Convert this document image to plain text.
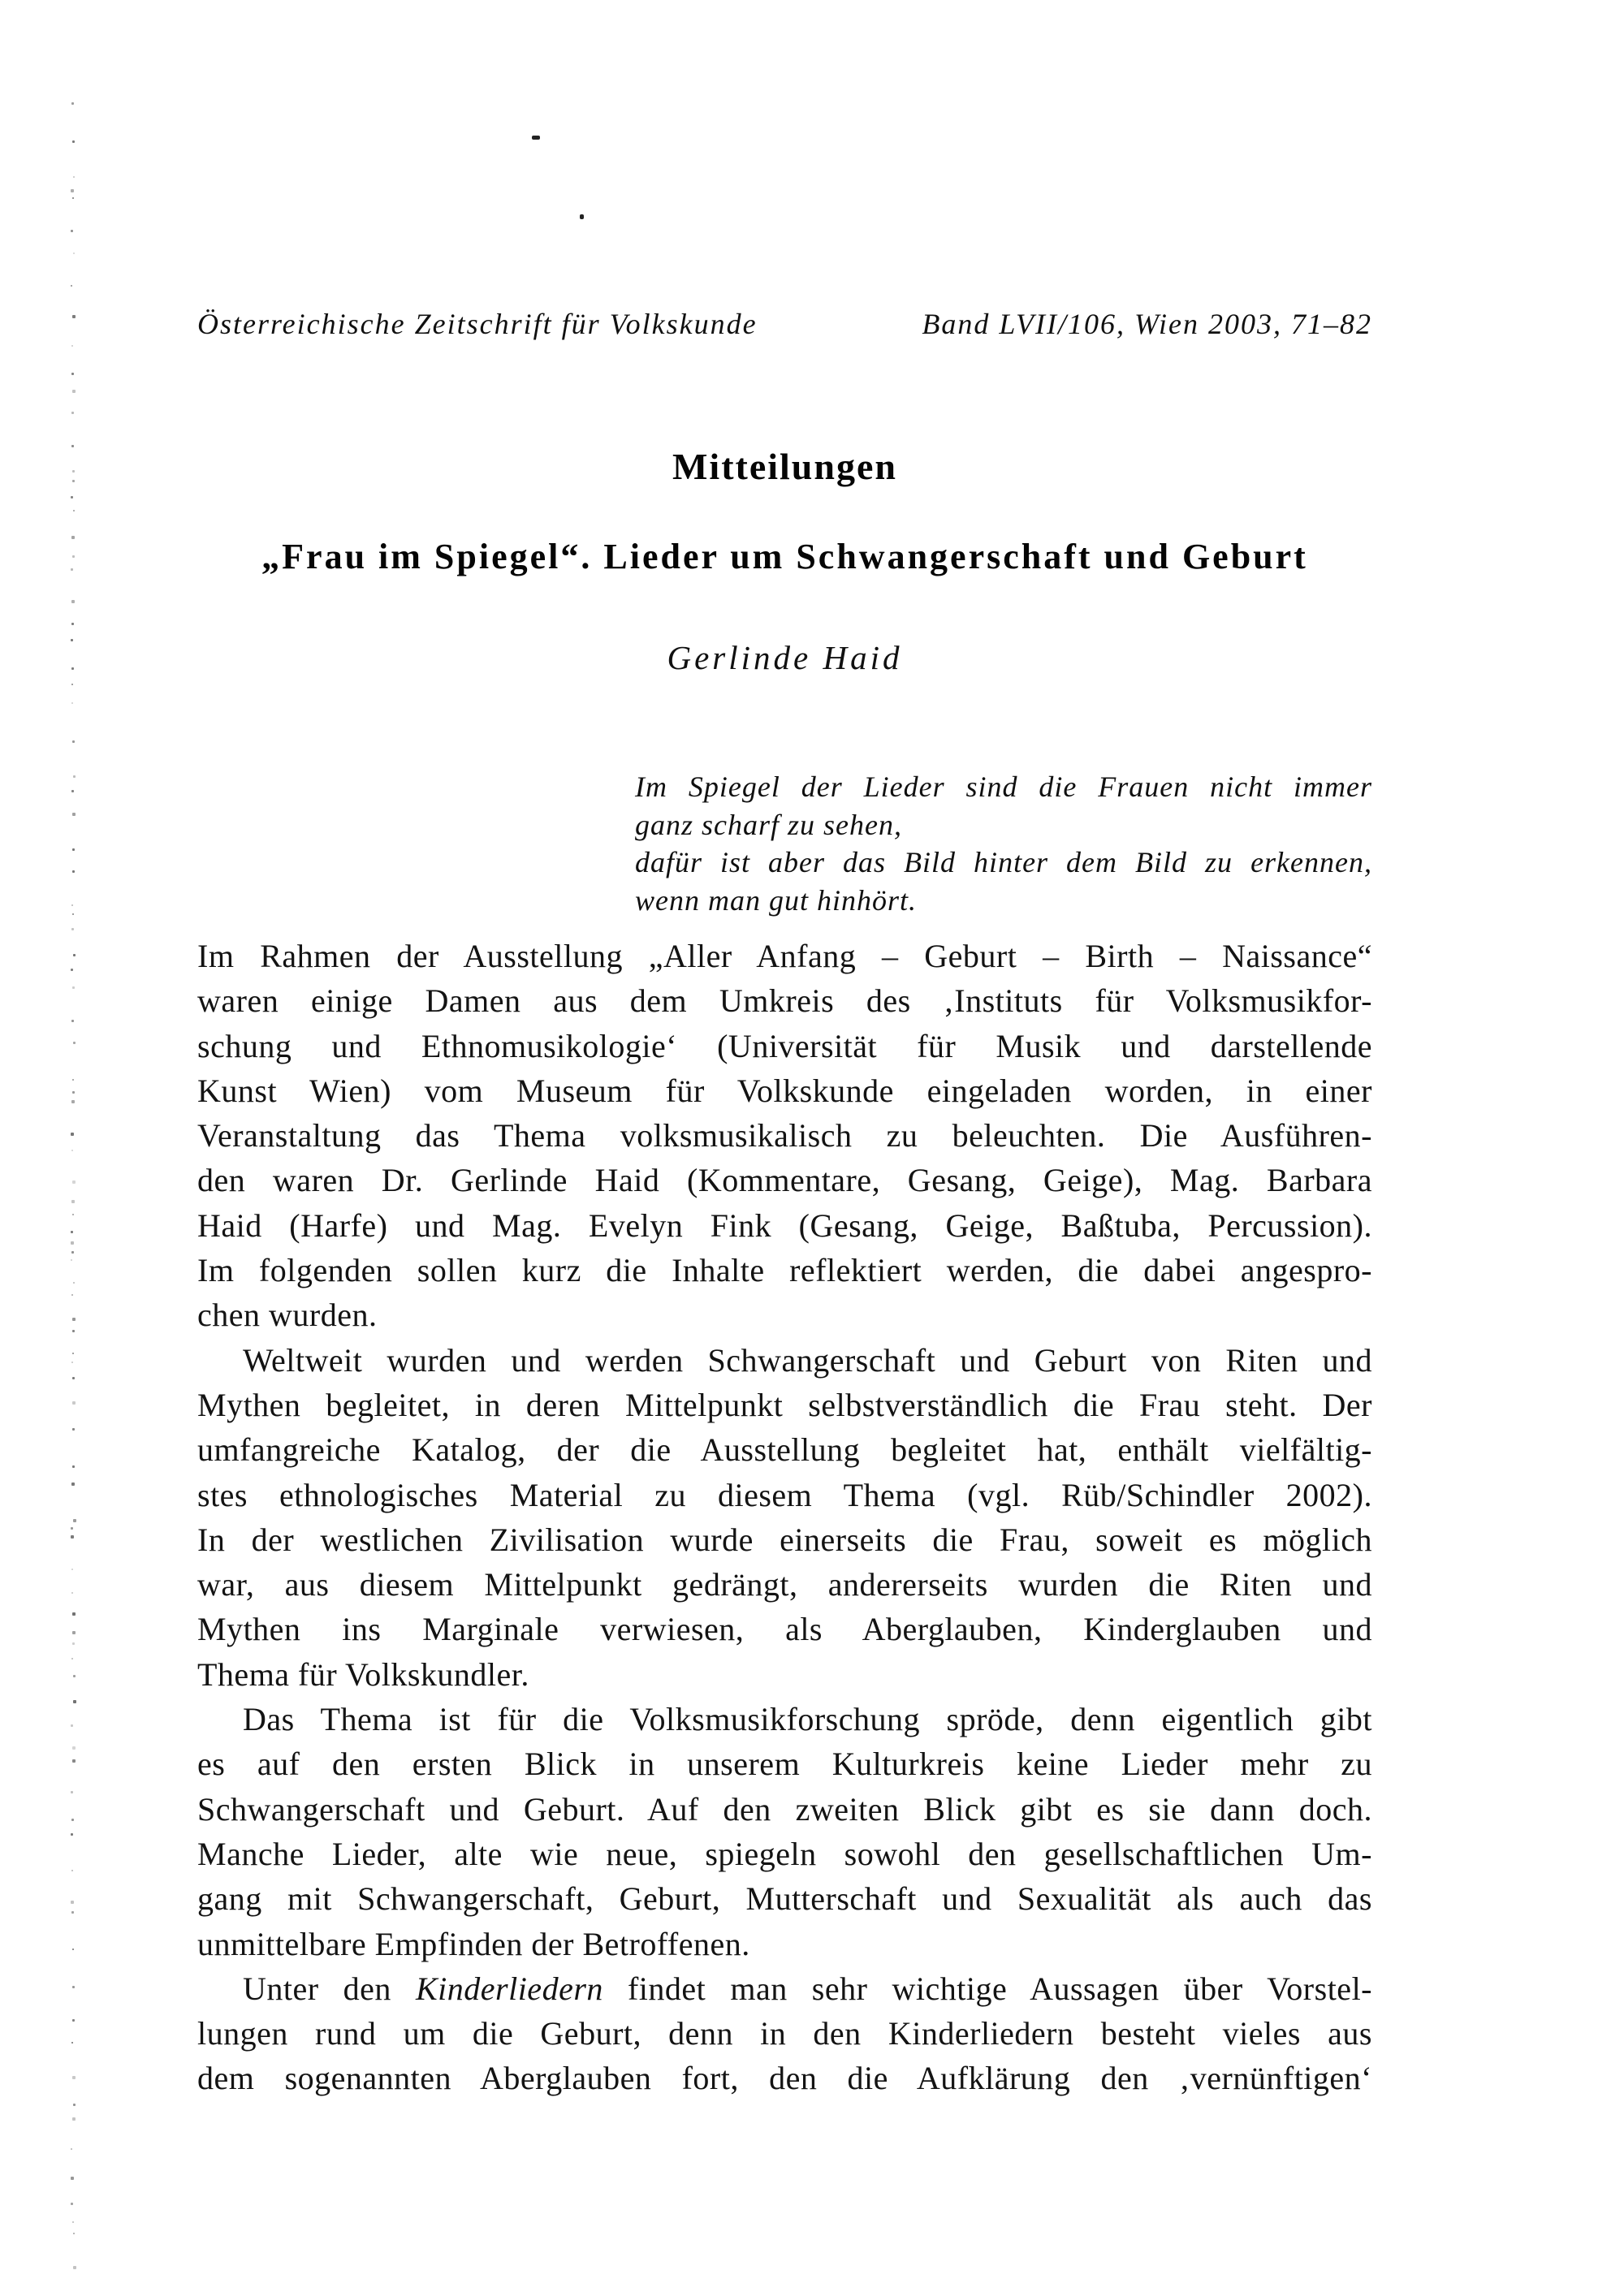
Österreichische Zeitschrift für Volkskunde	Band LVII/106, Wien 2003, 71–82
Mitteilungen
„Frau im Spiegel“. Lieder um Schwangerschaft und Geburt
Gerlinde Haid
Im Spiegel der Lieder sind die Frauen nicht immer
ganz scharf zu sehen,
dafür ist aber das Bild hinter dem Bild zu erkennen,
wenn man gut hinhört.
Im Rahmen der Ausstellung „Aller Anfang – Geburt – Birth – Naissance“
waren einige Damen aus dem Umkreis des ‚Instituts für Volksmusikfor-
schung und Ethnomusikologie‘ (Universität für Musik und darstellende
Kunst Wien) vom Museum für Volkskunde eingeladen worden, in einer
Veranstaltung das Thema volksmusikalisch zu beleuchten. Die Ausführen-
den waren Dr. Gerlinde Haid (Kommentare, Gesang, Geige), Mag. Barbara
Haid (Harfe) und Mag. Evelyn Fink (Gesang, Geige, Baßtuba, Percussion).
Im folgenden sollen kurz die Inhalte reflektiert werden, die dabei angespro-
chen wurden.
Weltweit wurden und werden Schwangerschaft und Geburt von Riten und
Mythen begleitet, in deren Mittelpunkt selbstverständlich die Frau steht. Der
umfangreiche Katalog, der die Ausstellung begleitet hat, enthält vielfältig-
stes ethnologisches Material zu diesem Thema (vgl. Rüb/Schindler 2002).
In der westlichen Zivilisation wurde einerseits die Frau, soweit es möglich
war, aus diesem Mittelpunkt gedrängt, andererseits wurden die Riten und
Mythen ins Marginale verwiesen, als Aberglauben, Kinderglauben und
Thema für Volkskundler.
Das Thema ist für die Volksmusikforschung spröde, denn eigentlich gibt
es auf den ersten Blick in unserem Kulturkreis keine Lieder mehr zu
Schwangerschaft und Geburt. Auf den zweiten Blick gibt es sie dann doch.
Manche Lieder, alte wie neue, spiegeln sowohl den gesellschaftlichen Um-
gang mit Schwangerschaft, Geburt, Mutterschaft und Sexualität als auch das
unmittelbare Empfinden der Betroffenen.
Unter den Kinderliedern findet man sehr wichtige Aussagen über Vorstel-
lungen rund um die Geburt, denn in den Kinderliedern besteht vieles aus
dem sogenannten Aberglauben fort, den die Aufklärung den ‚vernünftigen‘
